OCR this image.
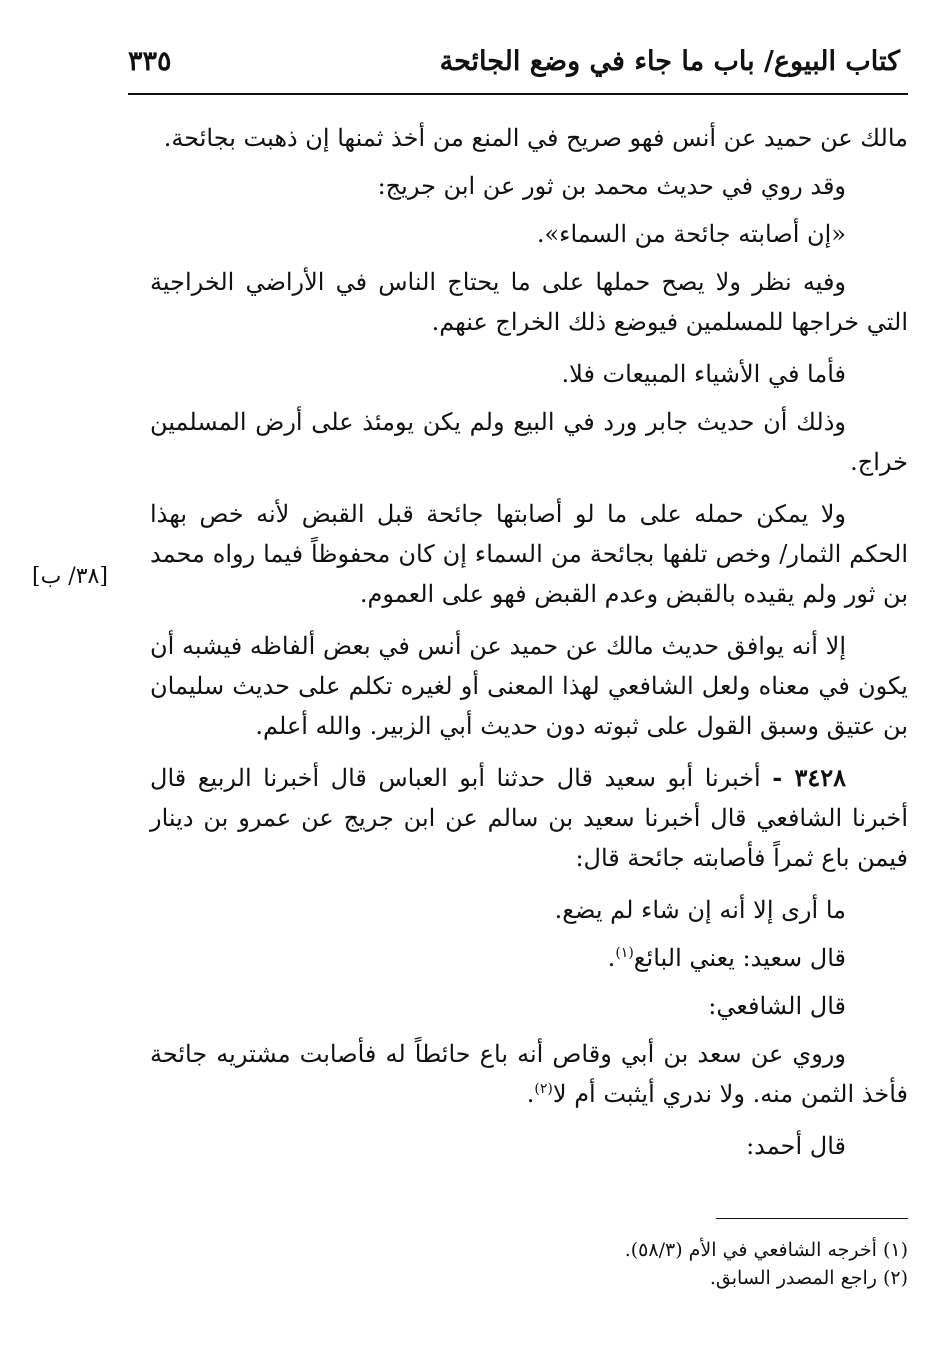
كتاب البيوع/ باب ما جاء في وضع الجائحة
٣٣٥
[٣٨/ ب]

مالك عن حميد عن أنس فهو صريح في المنع من أخذ ثمنها إن ذهبت بجائحة.

وقد روي في حديث محمد بن ثور عن ابن جريج:

«إن أصابته جائحة من السماء».

وفيه نظر ولا يصح حملها على ما يحتاج الناس في الأراضي الخراجية التي خراجها للمسلمين فيوضع ذلك الخراج عنهم.

فأما في الأشياء المبيعات فلا.

وذلك أن حديث جابر ورد في البيع ولم يكن يومئذ على أرض المسلمين خراج.

ولا يمكن حمله على ما لو أصابتها جائحة قبل القبض لأنه خص بهذا الحكم الثمار/ وخص تلفها بجائحة من السماء إن كان محفوظاً فيما رواه محمد بن ثور ولم يقيده بالقبض وعدم القبض فهو على العموم.

إلا أنه يوافق حديث مالك عن حميد عن أنس في بعض ألفاظه فيشبه أن يكون في معناه ولعل الشافعي لهذا المعنى أو لغيره تكلم على حديث سليمان بن عتيق وسبق القول على ثبوته دون حديث أبي الزبير. والله أعلم.

٣٤٢٨ - أخبرنا أبو سعيد قال حدثنا أبو العباس قال أخبرنا الربيع قال أخبرنا الشافعي قال أخبرنا سعيد بن سالم عن ابن جريج عن عمرو بن دينار فيمن باع ثمراً فأصابته جائحة قال:

ما أرى إلا أنه إن شاء لم يضع.

قال سعيد: يعني البائع$^{(١)}$.

قال الشافعي:

وروي عن سعد بن أبي وقاص أنه باع حائطاً له فأصابت مشتريه جائحة فأخذ الثمن منه. ولا ندري أيثبت أم لا$^{(٢)}$.

قال أحمد:

(١) أخرجه الشافعي في الأم (٥٨/٣).
(٢) راجع المصدر السابق.
